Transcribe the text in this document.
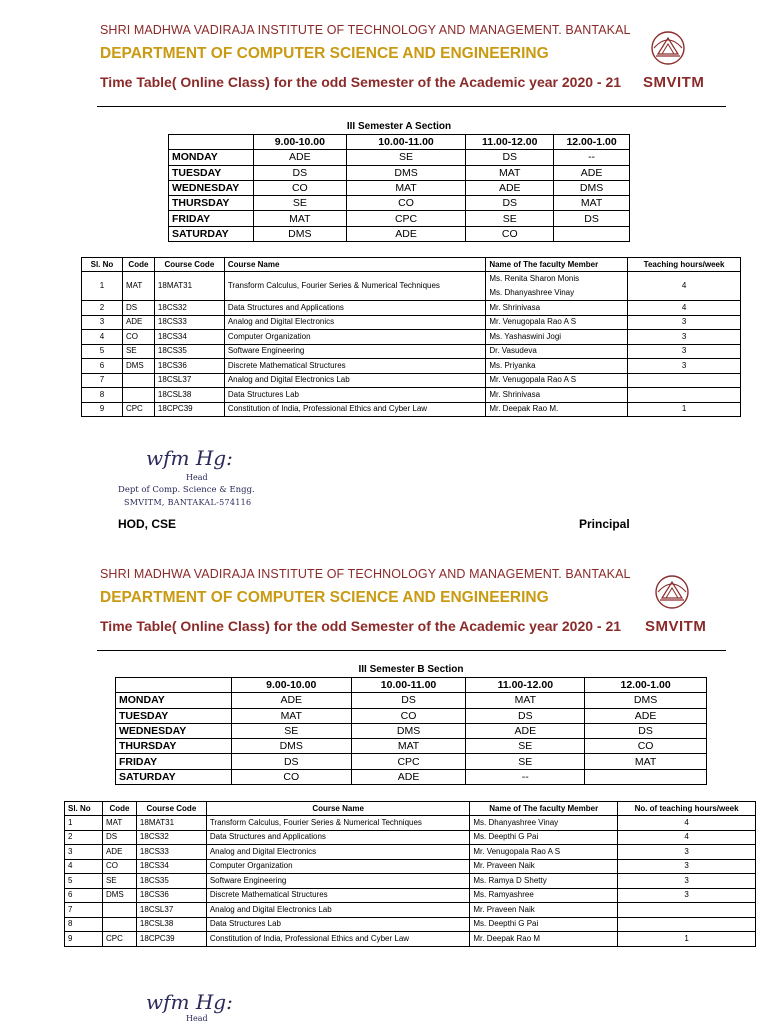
SHRI MADHWA VADIRAJA INSTITUTE OF TECHNOLOGY AND MANAGEMENT. BANTAKAL
DEPARTMENT OF COMPUTER SCIENCE AND ENGINEERING
Time Table( Online Class) for the odd Semester of the Academic year 2020 - 21 SMVITM
III Semester A Section
	9.00-10.00	10.00-11.00	11.00-12.00	12.00-1.00
MONDAY	ADE	SE	DS	--
TUESDAY	DS	DMS	MAT	ADE
WEDNESDAY	CO	MAT	ADE	DMS
THURSDAY	SE	CO	DS	MAT
FRIDAY	MAT	CPC	SE	DS
SATURDAY	DMS	ADE	CO	
Sl. No	Code	Course Code	Course Name	Name of The faculty Member	Teaching hours/week
1	MAT	18MAT31	Transform Calculus, Fourier Series & Numerical Techniques	Ms. Renita Sharon Monis
Ms. Dhanyashree Vinay	4
2	DS	18CS32	Data Structures and Applications	Mr. Shrinivasa	4
3	ADE	18CS33	Analog and Digital Electronics	Mr. Venugopala Rao A S	3
4	CO	18CS34	Computer Organization	Ms. Yashaswini Jogi	3
5	SE	18CS35	Software Engineering	Dr. Vasudeva	3
6	DMS	18CS36	Discrete Mathematical Structures	Ms. Priyanka	3
7		18CSL37	Analog and Digital Electronics Lab	Mr. Venugopala Rao A S	
8		18CSL38	Data Structures Lab	Mr. Shrinivasa	
9	CPC	18CPC39	Constitution of India, Professional Ethics and Cyber Law	Mr. Deepak Rao M.	1
wfm Hg:
Head
Dept of Comp. Science & Engg.
SMVITM, BANTAKAL-574116
HOD, CSE	Principal
SHRI MADHWA VADIRAJA INSTITUTE OF TECHNOLOGY AND MANAGEMENT. BANTAKAL
DEPARTMENT OF COMPUTER SCIENCE AND ENGINEERING
Time Table( Online Class) for the odd Semester of the Academic year 2020 - 21 SMVITM
III Semester B Section
	9.00-10.00	10.00-11.00	11.00-12.00	12.00-1.00
MONDAY	ADE	DS	MAT	DMS
TUESDAY	MAT	CO	DS	ADE
WEDNESDAY	SE	DMS	ADE	DS
THURSDAY	DMS	MAT	SE	CO
FRIDAY	DS	CPC	SE	MAT
SATURDAY	CO	ADE	--	
Sl. No	Code	Course Code	Course Name	Name of The faculty Member	No. of teaching hours/week
1	MAT	18MAT31	Transform Calculus, Fourier Series & Numerical Techniques	Ms. Dhanyashree Vinay	4
2	DS	18CS32	Data Structures and Applications	Ms. Deepthi G Pai	4
3	ADE	18CS33	Analog and Digital Electronics	Mr. Venugopala Rao A S	3
4	CO	18CS34	Computer Organization	Mr. Praveen Naik	3
5	SE	18CS35	Software Engineering	Ms. Ramya D Shetty	3
6	DMS	18CS36	Discrete Mathematical Structures	Ms. Ramyashree	3
7		18CSL37	Analog and Digital Electronics Lab	Mr. Praveen Naik	
8		18CSL38	Data Structures Lab	Ms. Deepthi G Pai	
9	CPC	18CPC39	Constitution of India, Professional Ethics and Cyber Law	Mr. Deepak Rao M	1
wfm Hg:
Head
